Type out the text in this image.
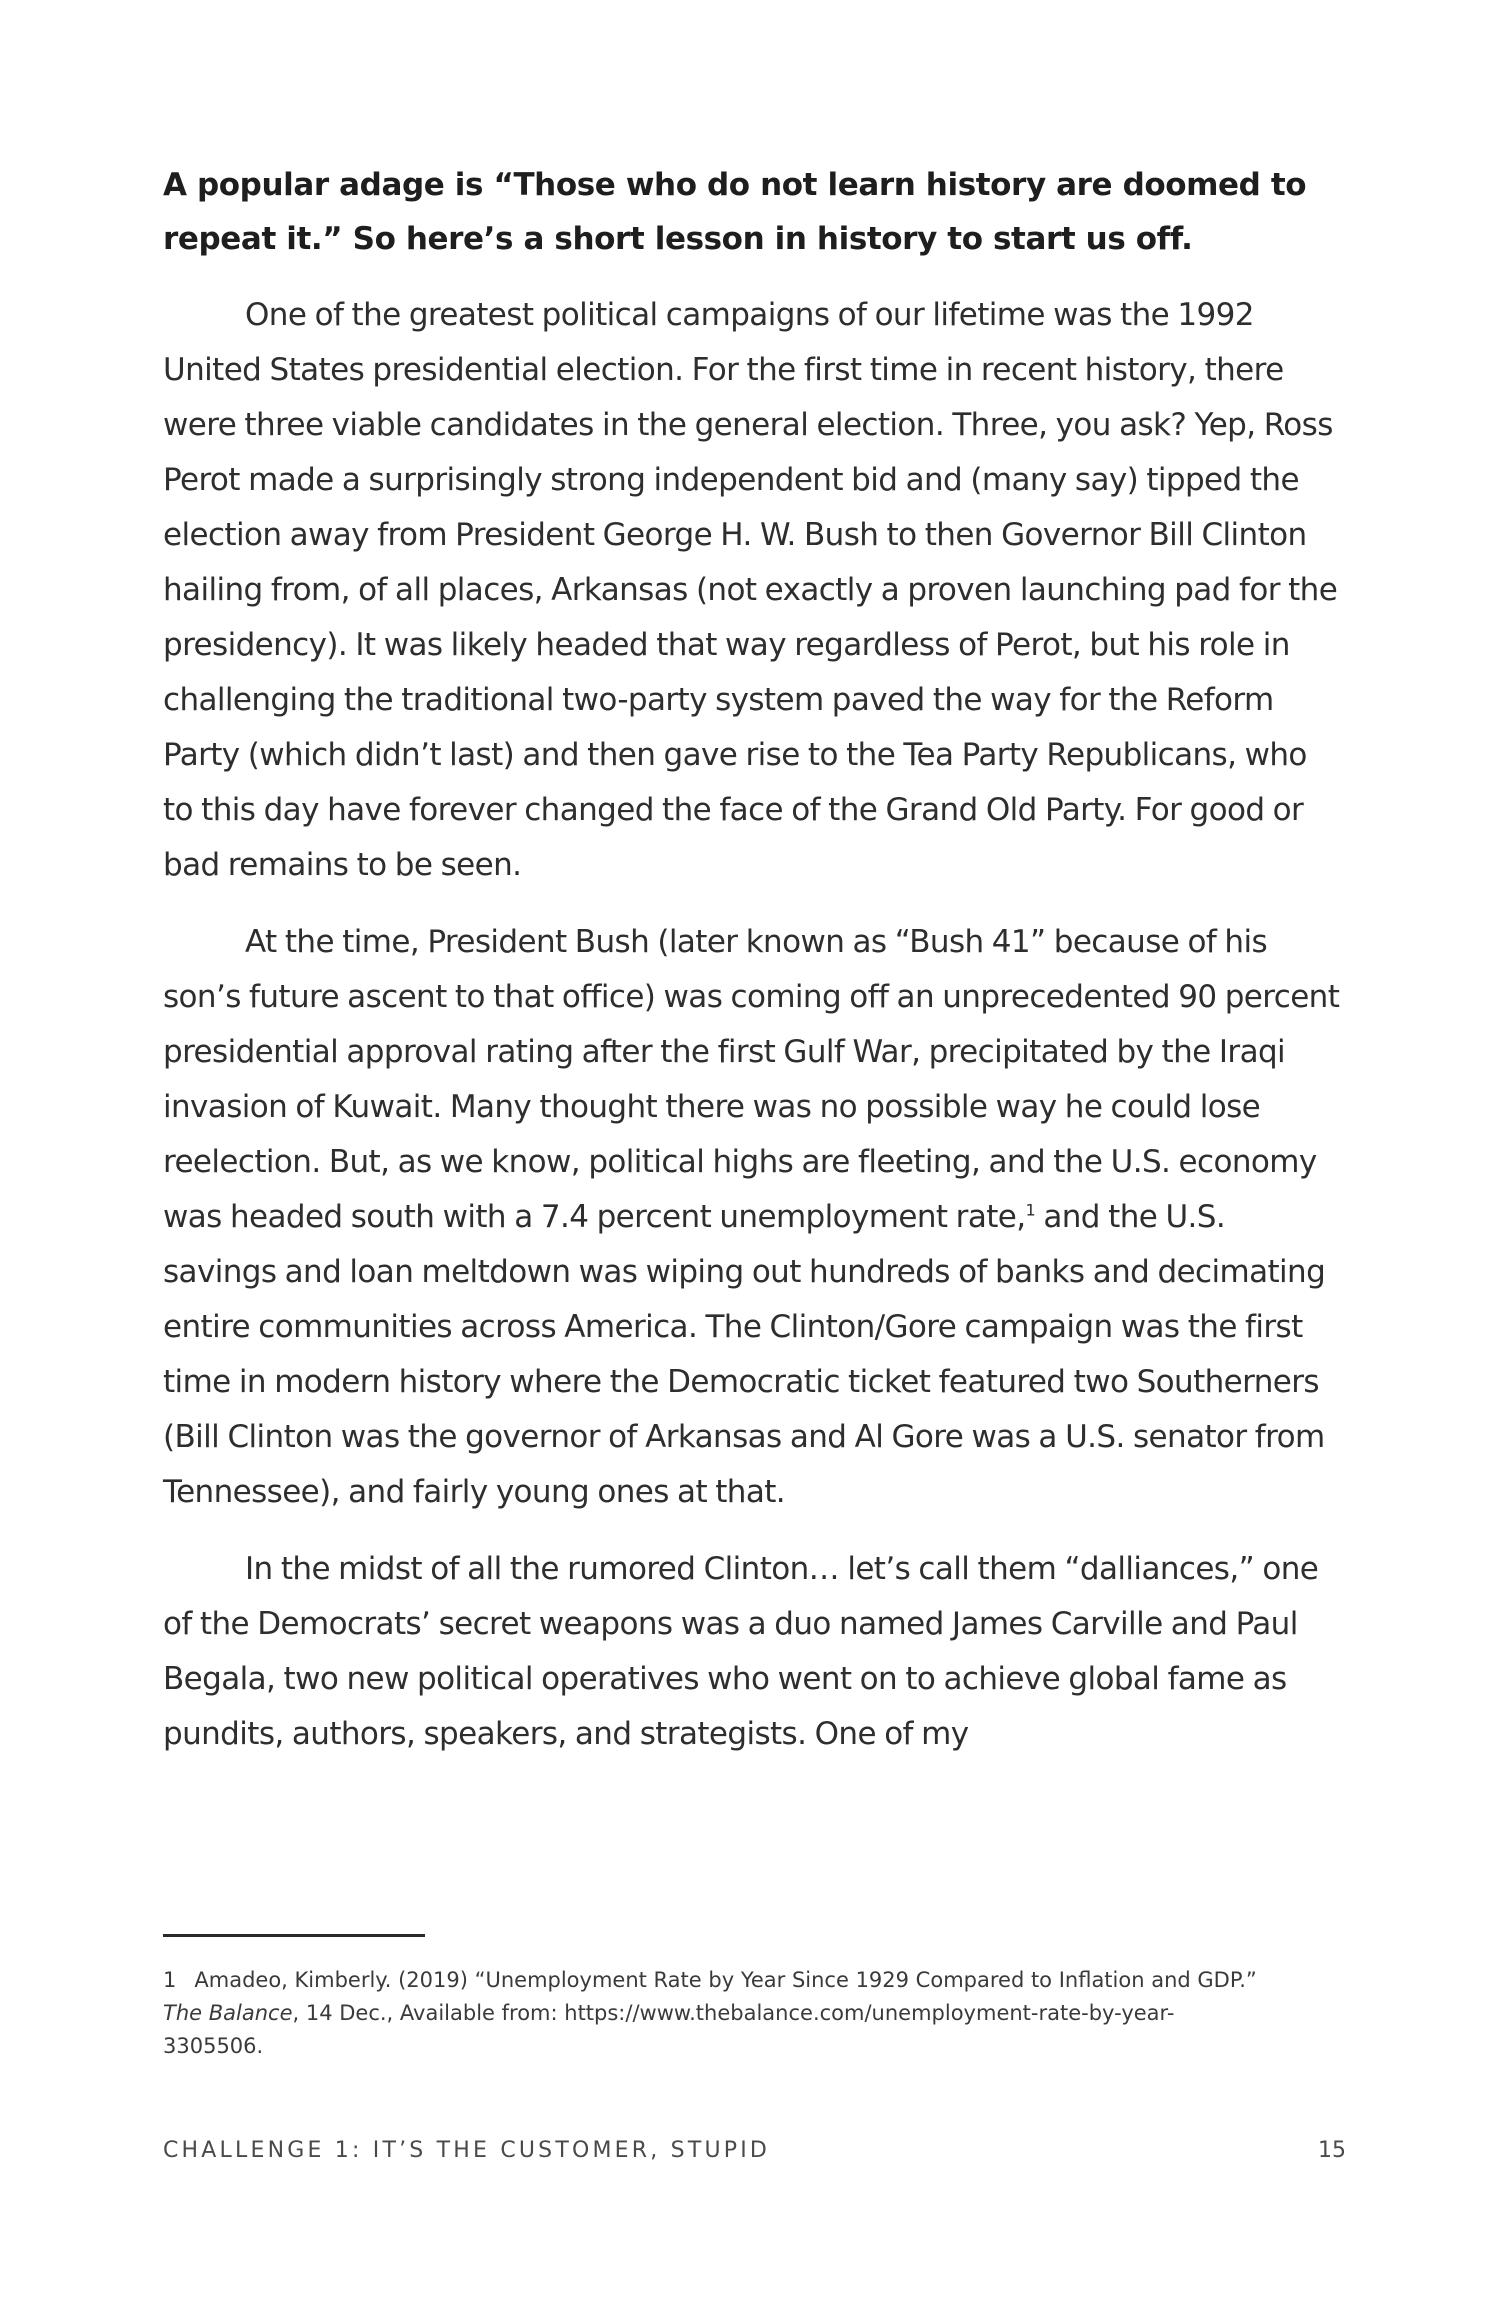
A popular adage is “Those who do not learn history are doomed to repeat it.” So here’s a short lesson in history to start us off.

One of the greatest political campaigns of our lifetime was the 1992 United States presidential election. For the first time in recent history, there were three viable candidates in the general election. Three, you ask? Yep, Ross Perot made a surprisingly strong independent bid and (many say) tipped the election away from President George H. W. Bush to then Governor Bill Clinton hailing from, of all places, Arkansas (not exactly a proven launching pad for the presidency). It was likely headed that way regardless of Perot, but his role in challenging the traditional two-party system paved the way for the Reform Party (which didn’t last) and then gave rise to the Tea Party Republicans, who to this day have forever changed the face of the Grand Old Party. For good or bad remains to be seen.

At the time, President Bush (later known as “Bush 41” because of his son’s future ascent to that office) was coming off an unprecedented 90 percent presidential approval rating after the first Gulf War, precipitated by the Iraqi invasion of Kuwait. Many thought there was no possible way he could lose reelection. But, as we know, political highs are fleeting, and the U.S. economy was headed south with a 7.4 percent unemployment rate,$^1$ and the U.S. savings and loan meltdown was wiping out hundreds of banks and decimating entire communities across America. The Clinton/Gore campaign was the first time in modern history where the Democratic ticket featured two Southerners (Bill Clinton was the governor of Arkansas and Al Gore was a U.S. senator from Tennessee), and fairly young ones at that.

In the midst of all the rumored Clinton… let’s call them “dalliances,” one of the Democrats’ secret weapons was a duo named James Carville and Paul Begala, two new political operatives who went on to achieve global fame as pundits, authors, speakers, and strategists. One of my

1 Amadeo, Kimberly. (2019) “Unemployment Rate by Year Since 1929 Compared to Inflation and GDP.” The Balance, 14 Dec., Available from: https://www.thebalance.com/unemployment-rate-by-year-3305506.
CHALLENGE 1: IT’S THE CUSTOMER, STUPID	15
